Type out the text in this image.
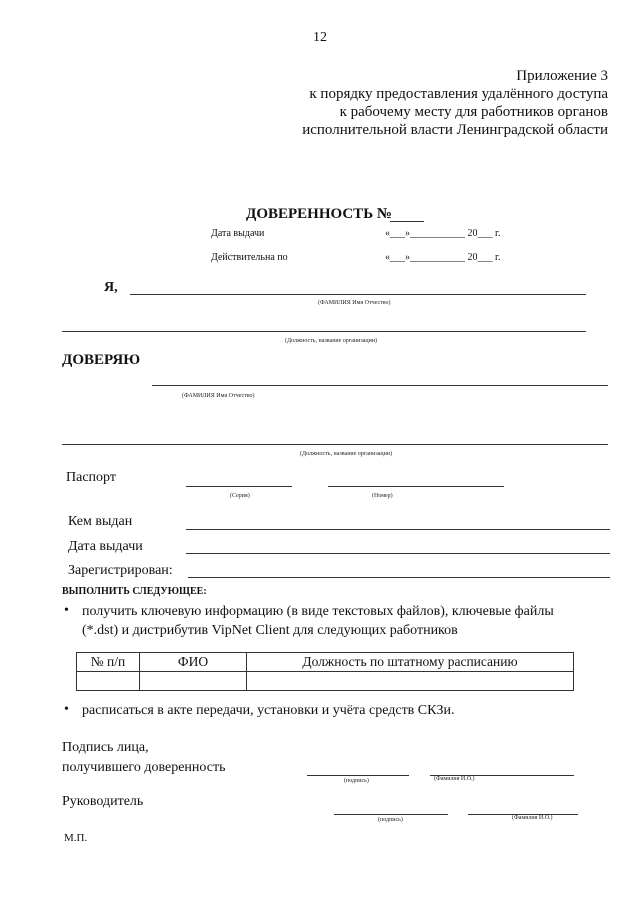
12
Приложение 3
к порядку предоставления удалённого доступа
к рабочему месту для работников органов
исполнительной власти Ленинградской области
ДОВЕРЕННОСТЬ №
Дата выдачи	«___»___________ 20___ г.
Действительна по	«___»___________ 20___ г.
Я,
(ФАМИЛИЯ Имя Отчество)
(Должность, название организации)
ДОВЕРЯЮ
(ФАМИЛИЯ Имя Отчество)
(Должность, название организации)
Паспорт
(Серия)	(Номер)
Кем выдан
Дата выдачи
Зарегистрирован:
ВЫПОЛНИТЬ СЛЕДУЮЩЕЕ:
• получить ключевую информацию (в виде текстовых файлов), ключевые файлы
(*.dst) и дистрибутив VipNet Client для следующих работников
№ п/п	ФИО	Должность по штатному расписанию

• расписаться в акте передачи, установки и учёта средств СКЗи.
Подпись лица,
получившего доверенность
(подпись)	(Фамилия И.О.)
Руководитель
(подпись)	(Фамилия И.О.)
М.П.
